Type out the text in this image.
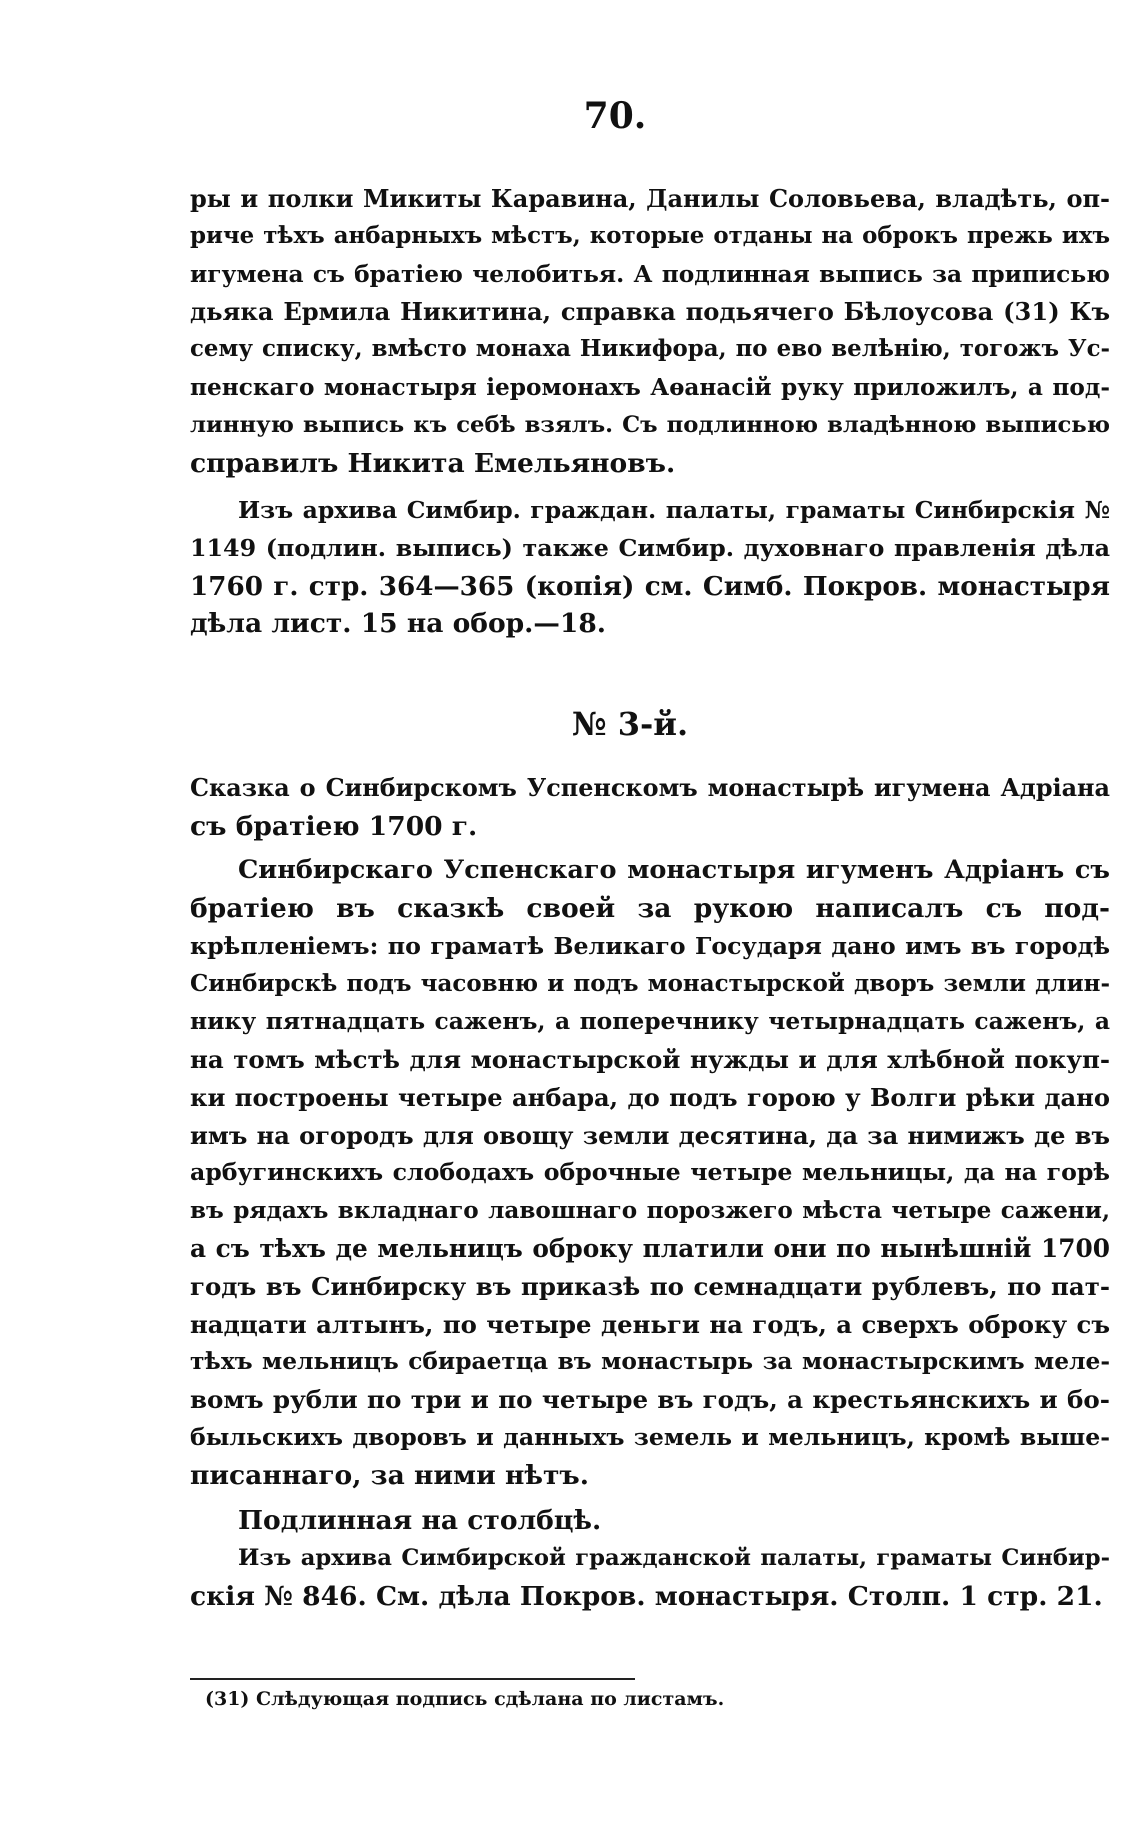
70.
ры и полки Микиты Каравина, Данилы Соловьева, владѣть, оп-
риче тѣхъ анбарныхъ мѣстъ, которые отданы на оброкъ прежь ихъ
игумена съ братіею челобитья. А подлинная выпись за приписью
дьяка Ермила Никитина, справка подьячего Бѣлоусова (31) Къ
сему списку, вмѣсто монаха Никифора, по ево велѣнію, тогожъ Ус-
пенскаго монастыря іеромонахъ Аѳанасій руку приложилъ, а под-
линную выпись къ себѣ взялъ. Съ подлинною владѣнною выписью
справилъ Никита Емельяновъ.
Изъ архива Симбир. граждан. палаты, граматы Синбирскія №
1149 (подлин. выпись) также Симбир. духовнаго правленія дѣла
1760 г. стр. 364—365 (копія) см. Симб. Покров. монастыря
дѣла лист. 15 на обор.—18.
№ 3-й.
Сказка о Синбирскомъ Успенскомъ монастырѣ игумена Адріана
съ братіею 1700 г.
Синбирскаго Успенскаго монастыря игуменъ Адріанъ съ
братіею въ сказкѣ своей за рукою написалъ съ под-
крѣпленіемъ: по граматѣ Великаго Государя дано имъ въ городѣ
Синбирскѣ подъ часовню и подъ монастырской дворъ земли длин-
нику пятнадцать саженъ, а поперечнику четырнадцать саженъ, а
на томъ мѣстѣ для монастырской нужды и для хлѣбной покуп-
ки построены четыре анбара, до подъ горою у Волги рѣки дано
имъ на огородъ для овощу земли десятина, да за нимижъ де въ
арбугинскихъ слободахъ оброчные четыре мельницы, да на горѣ
въ рядахъ вкладнаго лавошнаго порозжего мѣста четыре сажени,
а съ тѣхъ де мельницъ оброку платили они по нынѣшній 1700
годъ въ Синбирску въ приказѣ по семнадцати рублевъ, по пат-
надцати алтынъ, по четыре деньги на годъ, а сверхъ оброку съ
тѣхъ мельницъ сбираетца въ монастырь за монастырскимъ меле-
вомъ рубли по три и по четыре въ годъ, а крестьянскихъ и бо-
быльскихъ дворовъ и данныхъ земель и мельницъ, кромѣ выше-
писаннаго, за ними нѣтъ.
Подлинная на столбцѣ.
Изъ архива Симбирской гражданской палаты, граматы Синбир-
скія № 846. См. дѣла Покров. монастыря. Столп. 1 стр. 21.
(31) Слѣдующая подпись сдѣлана по листамъ.
